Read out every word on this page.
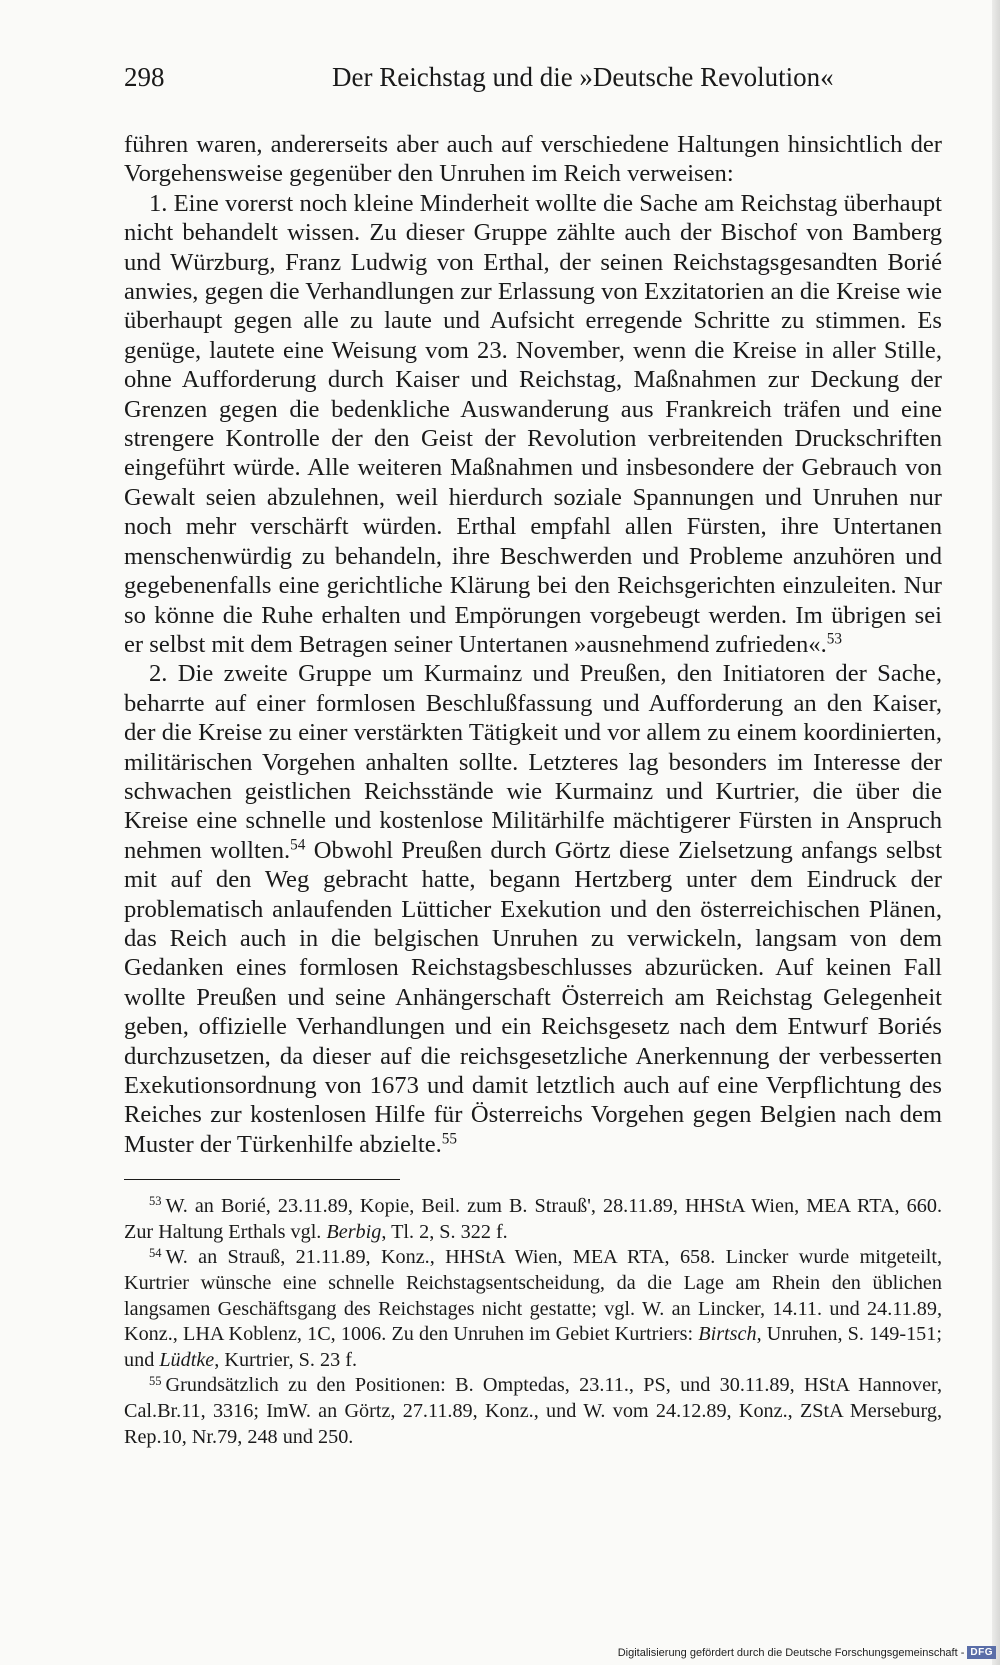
298	Der Reichstag und die »Deutsche Revolution«

führen waren, andererseits aber auch auf verschiedene Haltungen hinsichtlich der Vorgehensweise gegenüber den Unruhen im Reich verweisen:

1. Eine vorerst noch kleine Minderheit wollte die Sache am Reichstag überhaupt nicht behandelt wissen. Zu dieser Gruppe zählte auch der Bischof von Bamberg und Würzburg, Franz Ludwig von Erthal, der seinen Reichstagsgesandten Borié anwies, gegen die Verhandlungen zur Erlassung von Exzitatorien an die Kreise wie überhaupt gegen alle zu laute und Aufsicht erregende Schritte zu stimmen. Es genüge, lautete eine Weisung vom 23. November, wenn die Kreise in aller Stille, ohne Aufforderung durch Kaiser und Reichstag, Maßnahmen zur Deckung der Grenzen gegen die bedenkliche Auswanderung aus Frankreich träfen und eine strengere Kontrolle der den Geist der Revolution verbreitenden Druckschriften eingeführt würde. Alle weiteren Maßnahmen und insbesondere der Gebrauch von Gewalt seien abzulehnen, weil hierdurch soziale Spannungen und Unruhen nur noch mehr verschärft würden. Erthal empfahl allen Fürsten, ihre Untertanen menschenwürdig zu behandeln, ihre Beschwerden und Probleme anzuhören und gegebenenfalls eine gerichtliche Klärung bei den Reichsgerichten einzuleiten. Nur so könne die Ruhe erhalten und Empörungen vorgebeugt werden. Im übrigen sei er selbst mit dem Betragen seiner Untertanen »ausnehmend zufrieden«.$^{53}$

2. Die zweite Gruppe um Kurmainz und Preußen, den Initiatoren der Sache, beharrte auf einer formlosen Beschlußfassung und Aufforderung an den Kaiser, der die Kreise zu einer verstärkten Tätigkeit und vor allem zu einem koordinierten, militärischen Vorgehen anhalten sollte. Letzteres lag besonders im Interesse der schwachen geistlichen Reichsstände wie Kurmainz und Kurtrier, die über die Kreise eine schnelle und kostenlose Militärhilfe mächtigerer Fürsten in Anspruch nehmen wollten.$^{54}$ Obwohl Preußen durch Görtz diese Zielsetzung anfangs selbst mit auf den Weg gebracht hatte, begann Hertzberg unter dem Eindruck der problematisch anlaufenden Lütticher Exekution und den österreichischen Plänen, das Reich auch in die belgischen Unruhen zu verwickeln, langsam von dem Gedanken eines formlosen Reichstagsbeschlusses abzurücken. Auf keinen Fall wollte Preußen und seine Anhängerschaft Österreich am Reichstag Gelegenheit geben, offizielle Verhandlungen und ein Reichsgesetz nach dem Entwurf Boriés durchzusetzen, da dieser auf die reichsgesetzliche Anerkennung der verbesserten Exekutionsordnung von 1673 und damit letztlich auch auf eine Verpflichtung des Reiches zur kostenlosen Hilfe für Österreichs Vorgehen gegen Belgien nach dem Muster der Türkenhilfe abzielte.$^{55}$

$^{53}$ W. an Borié, 23.11.89, Kopie, Beil. zum B. Strauß', 28.11.89, HHStA Wien, MEA RTA, 660. Zur Haltung Erthals vgl. Berbig, Tl. 2, S. 322 f.

$^{54}$ W. an Strauß, 21.11.89, Konz., HHStA Wien, MEA RTA, 658. Lincker wurde mitgeteilt, Kurtrier wünsche eine schnelle Reichstagsentscheidung, da die Lage am Rhein den üblichen langsamen Geschäftsgang des Reichstages nicht gestatte; vgl. W. an Lincker, 14.11. und 24.11.89, Konz., LHA Koblenz, 1C, 1006. Zu den Unruhen im Gebiet Kurtriers: Birtsch, Unruhen, S. 149-151; und Lüdtke, Kurtrier, S. 23 f.

$^{55}$ Grundsätzlich zu den Positionen: B. Omptedas, 23.11., PS, und 30.11.89, HStA Hannover, Cal.Br.11, 3316; ImW. an Görtz, 27.11.89, Konz., und W. vom 24.12.89, Konz., ZStA Merseburg, Rep.10, Nr.79, 248 und 250.

Digitalisierung gefördert durch die Deutsche Forschungsgemeinschaft - DFG
